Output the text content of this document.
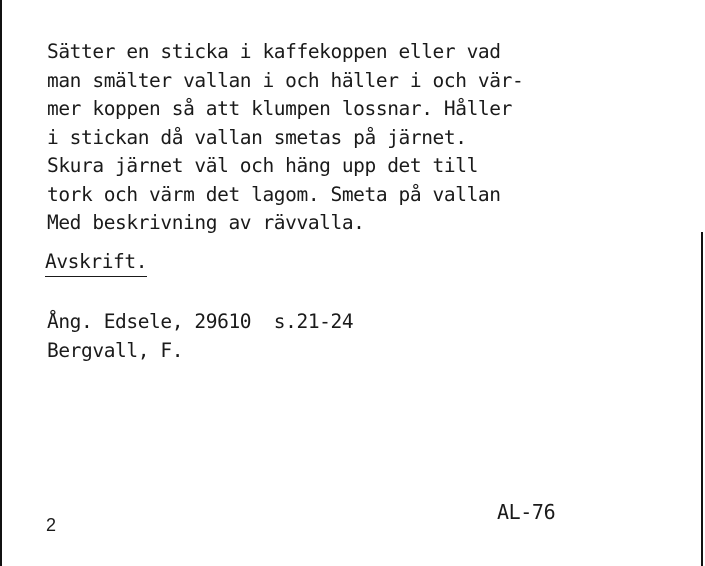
Sätter en sticka i kaffekoppen eller vad
man smälter vallan i och häller i och vär-
mer koppen så att klumpen lossnar. Håller
i stickan då vallan smetas på järnet.
Skura järnet väl och häng upp det till
tork och värm det lagom. Smeta på vallan
Med beskrivning av rävvalla.
Avskrift.
Ång. Edsele, 29610  s.21-24
Bergvall, F.
2
AL-76
